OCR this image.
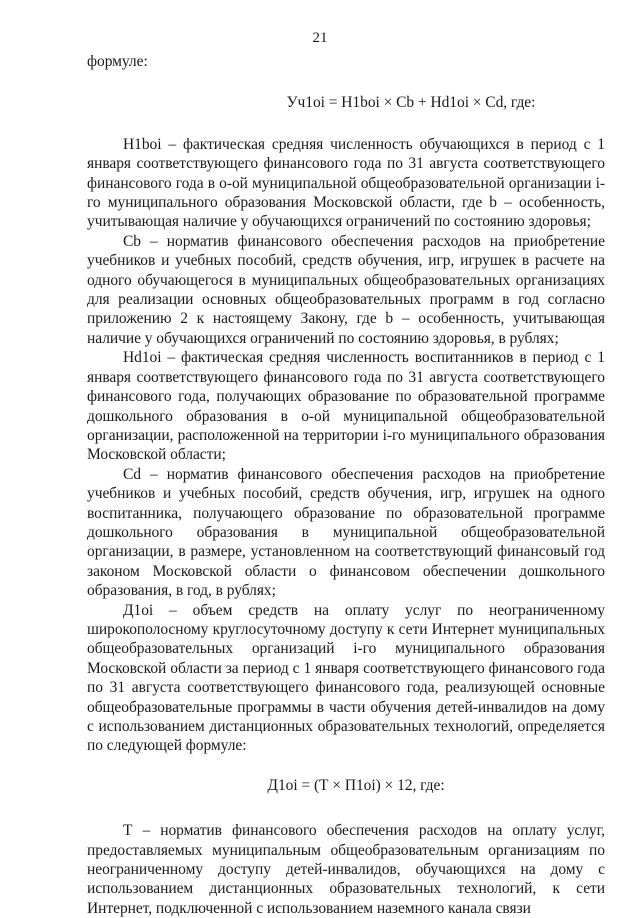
21

формуле:

Уч1oi = Н1boi × Cb + Hd1oi × Cd, где:

Н1boi – фактическая средняя численность обучающихся в период с 1 января соответствующего финансового года по 31 августа соответствующего финансового года в о-ой муниципальной общеобразовательной организации i-го муниципального образования Московской области, где b – особенность, учитывающая наличие у обучающихся ограничений по состоянию здоровья;

Cb – норматив финансового обеспечения расходов на приобретение учебников и учебных пособий, средств обучения, игр, игрушек в расчете на одного обучающегося в муниципальных общеобразовательных организациях для реализации основных общеобразовательных программ в год согласно приложению 2 к настоящему Закону, где b – особенность, учитывающая наличие у обучающихся ограничений по состоянию здоровья, в рублях;

Hd1oi – фактическая средняя численность воспитанников в период с 1 января соответствующего финансового года по 31 августа соответствующего финансового года, получающих образование по образовательной программе дошкольного образования в о-ой муниципальной общеобразовательной организации, расположенной на территории i-го муниципального образования Московской области;

Cd – норматив финансового обеспечения расходов на приобретение учебников и учебных пособий, средств обучения, игр, игрушек на одного воспитанника, получающего образование по образовательной программе дошкольного образования в муниципальной общеобразовательной организации, в размере, установленном на соответствующий финансовый год законом Московской области о финансовом обеспечении дошкольного образования, в год, в рублях;

Д1oi – объем средств на оплату услуг по неограниченному широкополосному круглосуточному доступу к сети Интернет муниципальных общеобразовательных организаций i-го муниципального образования Московской области за период с 1 января соответствующего финансового года по 31 августа соответствующего финансового года, реализующей основные общеобразовательные программы в части обучения детей-инвалидов на дому с использованием дистанционных образовательных технологий, определяется по следующей формуле:

Д1oi = (Т × П1oi) × 12, где:

Т – норматив финансового обеспечения расходов на оплату услуг, предоставляемых муниципальным общеобразовательным организациям по неограниченному доступу детей-инвалидов, обучающихся на дому с использованием дистанционных образовательных технологий, к сети Интернет, подключенной с использованием наземного канала связи
